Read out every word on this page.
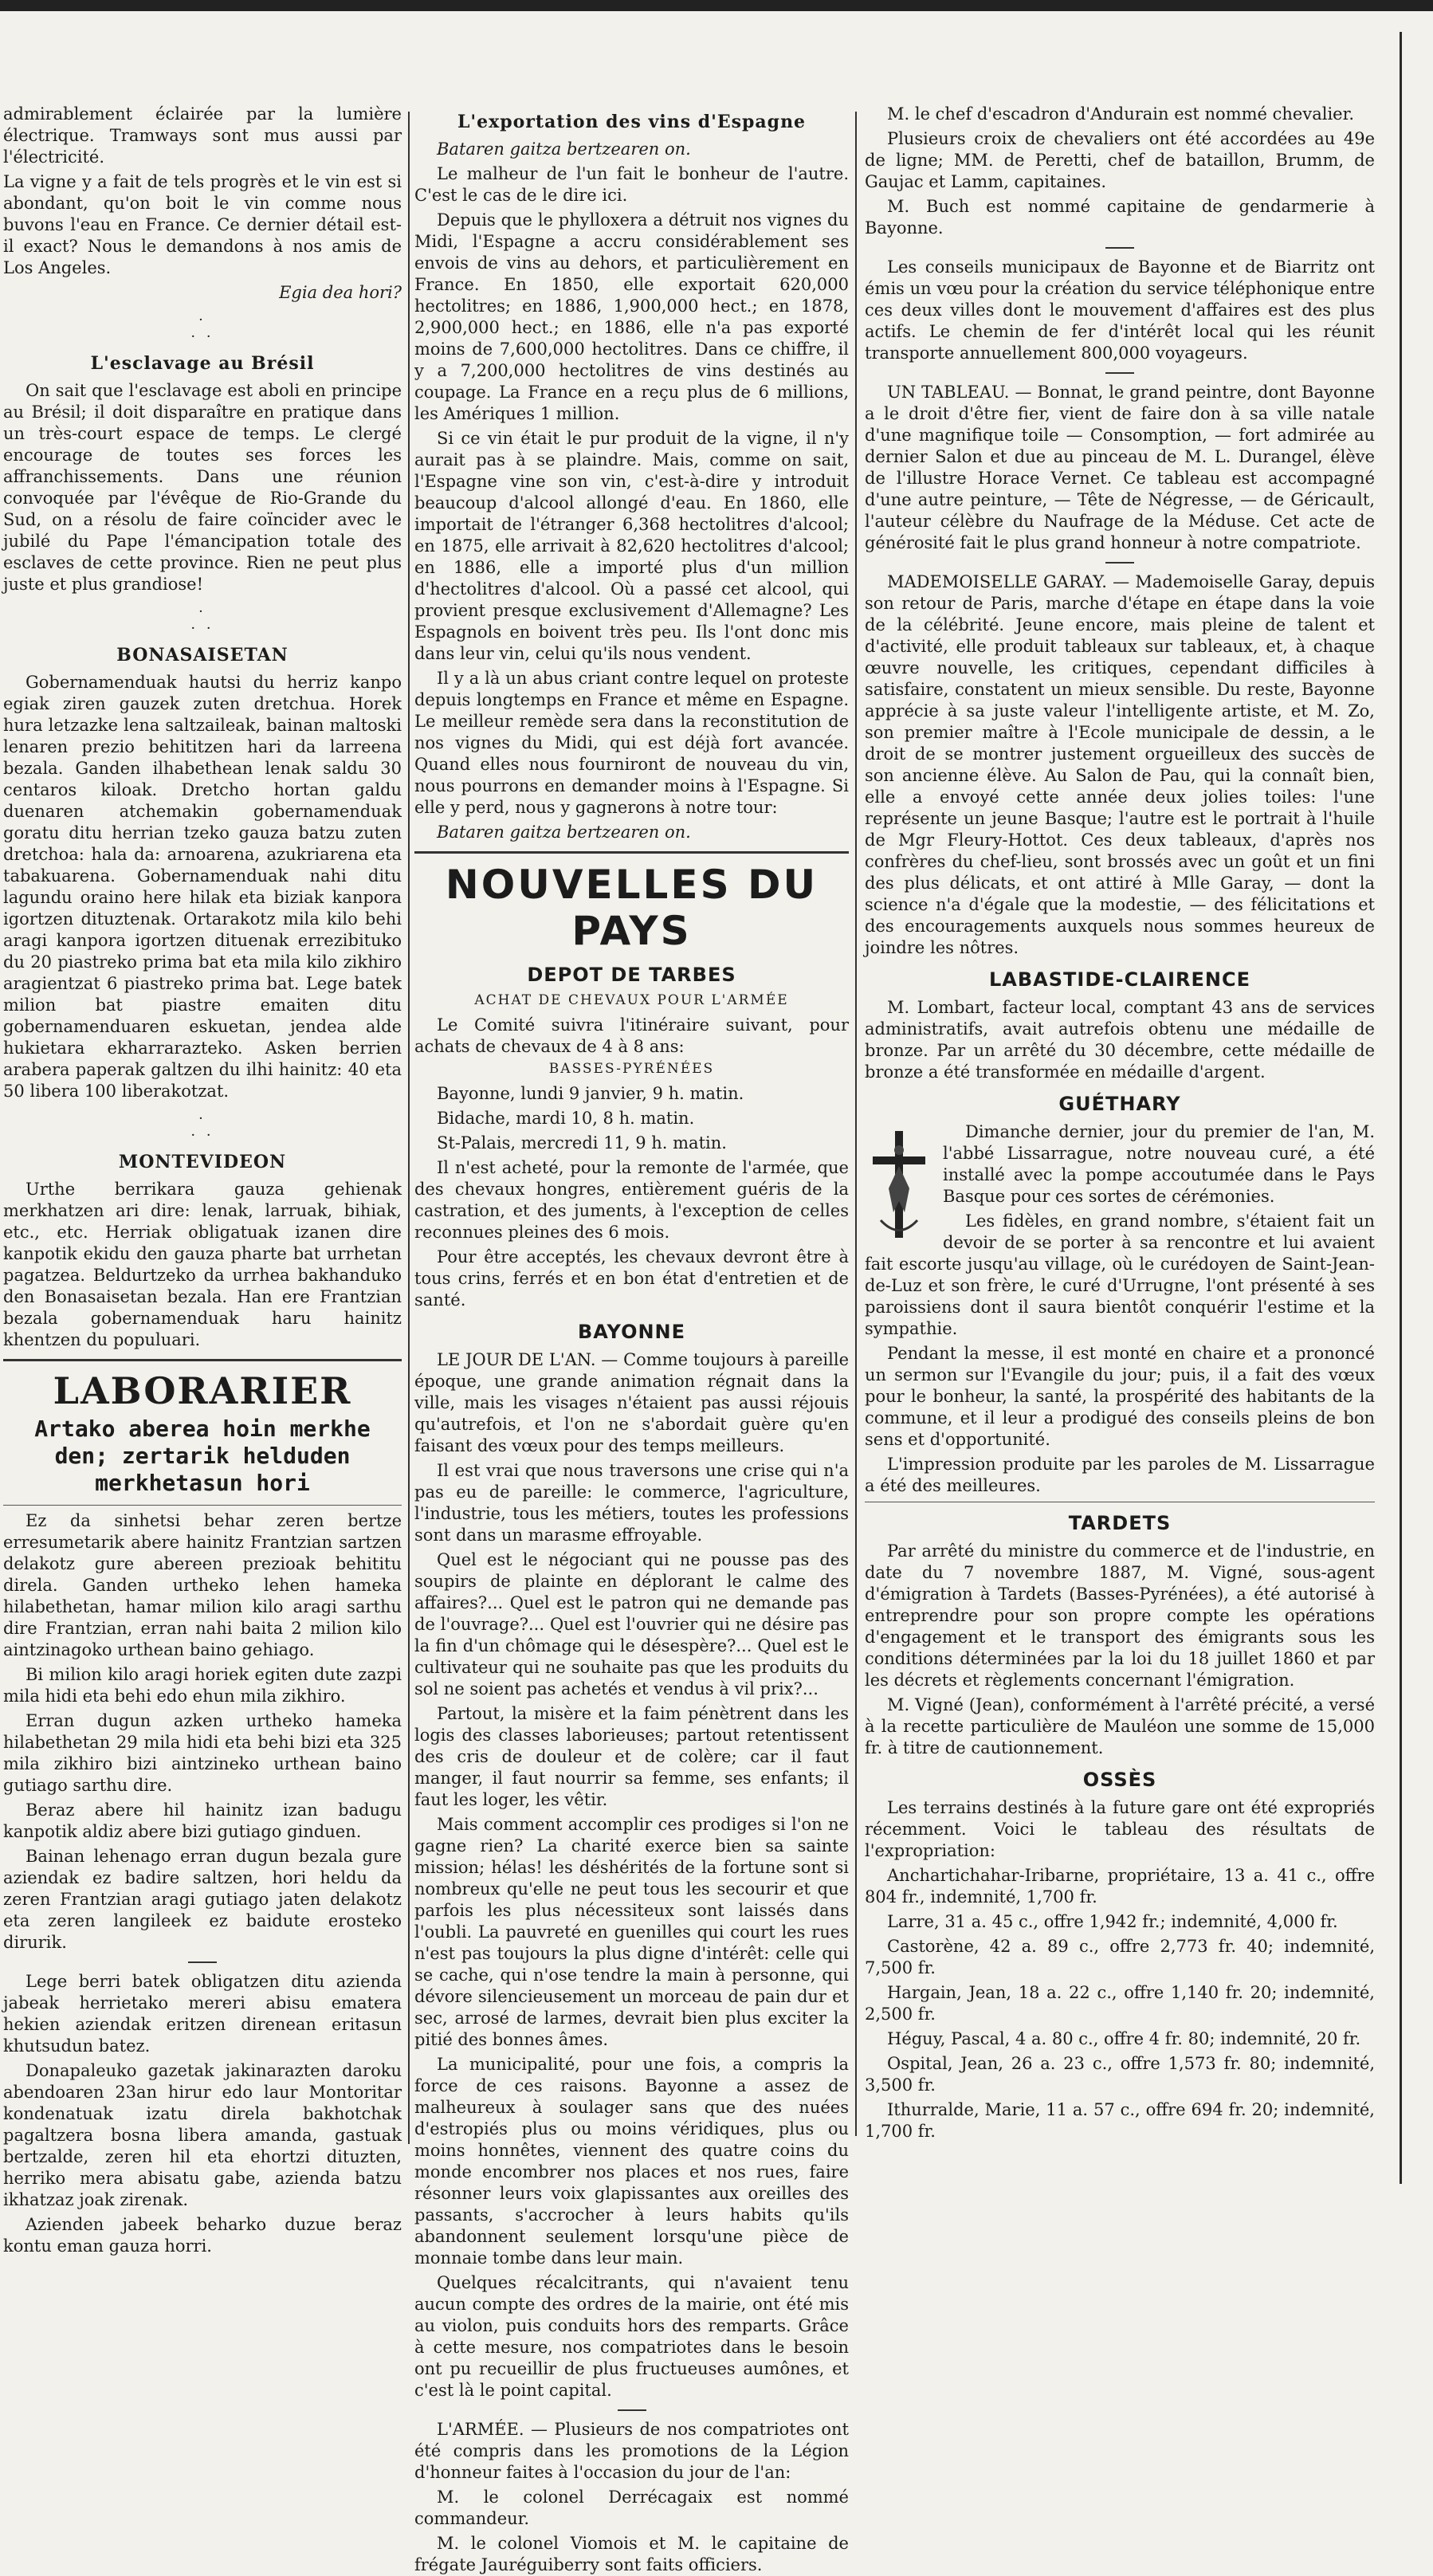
admirablement éclairée par la lumière électrique. Tramways sont mus aussi par l'électricité.

La vigne y a fait de tels progrès et le vin est si abondant, qu'on boit le vin comme nous buvons l'eau en France. Ce dernier détail est-il exact? Nous le demandons à nos amis de Los Angeles.

Egia dea hori?

·
· ·
L'esclavage au Brésil

On sait que l'esclavage est aboli en principe au Brésil; il doit disparaître en pratique dans un très-court espace de temps. Le clergé encourage de toutes ses forces les affranchissements. Dans une réunion convoquée par l'évêque de Rio-Grande du Sud, on a résolu de faire coïncider avec le jubilé du Pape l'émancipation totale des esclaves de cette province. Rien ne peut plus juste et plus grandiose!

·
· ·
BONASAISETAN

Gobernamenduak hautsi du herriz kanpo egiak ziren gauzek zuten dretchua. Horek hura letzazke lena saltzaileak, bainan maltoski lenaren prezio behititzen hari da larreena bezala. Ganden ilhabethean lenak saldu 30 centaros kiloak. Dretcho hortan galdu duenaren atchemakin gobernamenduak goratu ditu herrian tzeko gauza batzu zuten dretchoa: hala da: arnoarena, azukriarena eta tabakuarena. Gobernamenduak nahi ditu lagundu oraino here hilak eta biziak kanpora igortzen dituztenak. Ortarakotz mila kilo behi aragi kanpora igortzen dituenak errezibituko du 20 piastreko prima bat eta mila kilo zikhiro aragientzat 6 piastreko prima bat. Lege batek milion bat piastre emaiten ditu gobernamenduaren eskuetan, jendea alde hukietara ekharrarazteko. Asken berrien arabera paperak galtzen du ilhi hainitz: 40 eta 50 libera 100 liberakotzat.

·
· ·
MONTEVIDEON

Urthe berrikara gauza gehienak merkhatzen ari dire: lenak, larruak, bihiak, etc., etc. Herriak obligatuak izanen dire kanpotik ekidu den gauza pharte bat urrhetan pagatzea. Beldurtzeko da urrhea bakhanduko den Bonasaisetan bezala. Han ere Frantzian bezala gobernamenduak haru hainitz khentzen du populuari.

LABORARIER
Artako aberea hoin merkhe den; zertarik helduden merkhetasun hori

Ez da sinhetsi behar zeren bertze erresumetarik abere hainitz Frantzian sartzen delakotz gure abereen prezioak behititu direla. Ganden urtheko lehen hameka hilabethetan, hamar milion kilo aragi sarthu dire Frantzian, erran nahi baita 2 milion kilo aintzinagoko urthean baino gehiago.

Bi milion kilo aragi horiek egiten dute zazpi mila hidi eta behi edo ehun mila zikhiro.

Erran dugun azken urtheko hameka hilabethetan 29 mila hidi eta behi bizi eta 325 mila zikhiro bizi aintzineko urthean baino gutiago sarthu dire.

Beraz abere hil hainitz izan badugu kanpotik aldiz abere bizi gutiago ginduen.

Bainan lehenago erran dugun bezala gure aziendak ez badire saltzen, hori heldu da zeren Frantzian aragi gutiago jaten delakotz eta zeren langileek ez baidute erosteko dirurik.

Lege berri batek obligatzen ditu azienda jabeak herrietako mereri abisu ematera hekien aziendak eritzen direnean eritasun khutsudun batez.

Donapaleuko gazetak jakinarazten daroku abendoaren 23an hirur edo laur Montoritar kondenatuak izatu direla bakhotchak pagaltzera bosna libera amanda, gastuak bertzalde, zeren hil eta ehortzi dituzten, herriko mera abisatu gabe, azienda batzu ikhatzaz joak zirenak.

Azienden jabeek beharko duzue beraz kontu eman gauza horri.

L'exportation des vins d'Espagne

Bataren gaitza bertzearen on.

Le malheur de l'un fait le bonheur de l'autre. C'est le cas de le dire ici.

Depuis que le phylloxera a détruit nos vignes du Midi, l'Espagne a accru considérablement ses envois de vins au dehors, et particulièrement en France. En 1850, elle exportait 620,000 hectolitres; en 1886, 1,900,000 hect.; en 1878, 2,900,000 hect.; en 1886, elle n'a pas exporté moins de 7,600,000 hectolitres. Dans ce chiffre, il y a 7,200,000 hectolitres de vins destinés au coupage. La France en a reçu plus de 6 millions, les Amériques 1 million.

Si ce vin était le pur produit de la vigne, il n'y aurait pas à se plaindre. Mais, comme on sait, l'Espagne vine son vin, c'est-à-dire y introduit beaucoup d'alcool allongé d'eau. En 1860, elle importait de l'étranger 6,368 hectolitres d'alcool; en 1875, elle arrivait à 82,620 hectolitres d'alcool; en 1886, elle a importé plus d'un million d'hectolitres d'alcool. Où a passé cet alcool, qui provient presque exclusivement d'Allemagne? Les Espagnols en boivent très peu. Ils l'ont donc mis dans leur vin, celui qu'ils nous vendent.

Il y a là un abus criant contre lequel on proteste depuis longtemps en France et même en Espagne. Le meilleur remède sera dans la reconstitution de nos vignes du Midi, qui est déjà fort avancée. Quand elles nous fourniront de nouveau du vin, nous pourrons en demander moins à l'Espagne. Si elle y perd, nous y gagnerons à notre tour:

Bataren gaitza bertzearen on.

NOUVELLES DU PAYS
DEPOT DE TARBES
ACHAT DE CHEVAUX POUR L'ARMÉE

Le Comité suivra l'itinéraire suivant, pour achats de chevaux de 4 à 8 ans:

BASSES-PYRÉNÉES

Bayonne, lundi 9 janvier, 9 h. matin.

Bidache, mardi 10, 8 h. matin.

St-Palais, mercredi 11, 9 h. matin.

Il n'est acheté, pour la remonte de l'armée, que des chevaux hongres, entièrement guéris de la castration, et des juments, à l'exception de celles reconnues pleines des 6 mois.

Pour être acceptés, les chevaux devront être à tous crins, ferrés et en bon état d'entretien et de santé.

BAYONNE

LE JOUR DE L'AN. — Comme toujours à pareille époque, une grande animation régnait dans la ville, mais les visages n'étaient pas aussi réjouis qu'autrefois, et l'on ne s'abordait guère qu'en faisant des vœux pour des temps meilleurs.

Il est vrai que nous traversons une crise qui n'a pas eu de pareille: le commerce, l'agriculture, l'industrie, tous les métiers, toutes les professions sont dans un marasme effroyable.

Quel est le négociant qui ne pousse pas des soupirs de plainte en déplorant le calme des affaires?... Quel est le patron qui ne demande pas de l'ouvrage?... Quel est l'ouvrier qui ne désire pas la fin d'un chômage qui le désespère?... Quel est le cultivateur qui ne souhaite pas que les produits du sol ne soient pas achetés et vendus à vil prix?...

Partout, la misère et la faim pénètrent dans les logis des classes laborieuses; partout retentissent des cris de douleur et de colère; car il faut manger, il faut nourrir sa femme, ses enfants; il faut les loger, les vêtir.

Mais comment accomplir ces prodiges si l'on ne gagne rien? La charité exerce bien sa sainte mission; hélas! les déshérités de la fortune sont si nombreux qu'elle ne peut tous les secourir et que parfois les plus nécessiteux sont laissés dans l'oubli. La pauvreté en guenilles qui court les rues n'est pas toujours la plus digne d'intérêt: celle qui se cache, qui n'ose tendre la main à personne, qui dévore silencieusement un morceau de pain dur et sec, arrosé de larmes, devrait bien plus exciter la pitié des bonnes âmes.

La municipalité, pour une fois, a compris la force de ces raisons. Bayonne a assez de malheureux à soulager sans que des nuées d'estropiés plus ou moins véridiques, plus ou moins honnêtes, viennent des quatre coins du monde encombrer nos places et nos rues, faire résonner leurs voix glapissantes aux oreilles des passants, s'accrocher à leurs habits qu'ils abandonnent seulement lorsqu'une pièce de monnaie tombe dans leur main.

Quelques récalcitrants, qui n'avaient tenu aucun compte des ordres de la mairie, ont été mis au violon, puis conduits hors des remparts. Grâce à cette mesure, nos compatriotes dans le besoin ont pu recueillir de plus fructueuses aumônes, et c'est là le point capital.

L'ARMÉE. — Plusieurs de nos compatriotes ont été compris dans les promotions de la Légion d'honneur faites à l'occasion du jour de l'an:

M. le colonel Derrécagaix est nommé commandeur.

M. le colonel Viomois et M. le capitaine de frégate Jauréguiberry sont faits officiers.

M. le chef d'escadron d'Andurain est nommé chevalier.

Plusieurs croix de chevaliers ont été accordées au 49e de ligne; MM. de Peretti, chef de bataillon, Brumm, de Gaujac et Lamm, capitaines.

M. Buch est nommé capitaine de gendarmerie à Bayonne.

Les conseils municipaux de Bayonne et de Biarritz ont émis un vœu pour la création du service téléphonique entre ces deux villes dont le mouvement d'affaires est des plus actifs. Le chemin de fer d'intérêt local qui les réunit transporte annuellement 800,000 voyageurs.

UN TABLEAU. — Bonnat, le grand peintre, dont Bayonne a le droit d'être fier, vient de faire don à sa ville natale d'une magnifique toile — Consomption, — fort admirée au dernier Salon et due au pinceau de M. L. Durangel, élève de l'illustre Horace Vernet. Ce tableau est accompagné d'une autre peinture, — Tête de Négresse, — de Géricault, l'auteur célèbre du Naufrage de la Méduse. Cet acte de générosité fait le plus grand honneur à notre compatriote.

MADEMOISELLE GARAY. — Mademoiselle Garay, depuis son retour de Paris, marche d'étape en étape dans la voie de la célébrité. Jeune encore, mais pleine de talent et d'activité, elle produit tableaux sur tableaux, et, à chaque œuvre nouvelle, les critiques, cependant difficiles à satisfaire, constatent un mieux sensible. Du reste, Bayonne apprécie à sa juste valeur l'intelligente artiste, et M. Zo, son premier maître à l'Ecole municipale de dessin, a le droit de se montrer justement orgueilleux des succès de son ancienne élève. Au Salon de Pau, qui la connaît bien, elle a envoyé cette année deux jolies toiles: l'une représente un jeune Basque; l'autre est le portrait à l'huile de Mgr Fleury-Hottot. Ces deux tableaux, d'après nos confrères du chef-lieu, sont brossés avec un goût et un fini des plus délicats, et ont attiré à Mlle Garay, — dont la science n'a d'égale que la modestie, — des félicitations et des encouragements auxquels nous sommes heureux de joindre les nôtres.

LABASTIDE-CLAIRENCE

M. Lombart, facteur local, comptant 43 ans de services administratifs, avait autrefois obtenu une médaille de bronze. Par un arrêté du 30 décembre, cette médaille de bronze a été transformée en médaille d'argent.

GUÉTHARY

Dimanche dernier, jour du premier de l'an, M. l'abbé Lissarrague, notre nouveau curé, a été installé avec la pompe accoutumée dans le Pays Basque pour ces sortes de cérémonies.

Les fidèles, en grand nombre, s'étaient fait un devoir de se porter à sa rencontre et lui avaient fait escorte jusqu'au village, où le curédoyen de Saint-Jean-de-Luz et son frère, le curé d'Urrugne, l'ont présenté à ses paroissiens dont il saura bientôt conquérir l'estime et la sympathie.

Pendant la messe, il est monté en chaire et a prononcé un sermon sur l'Evangile du jour; puis, il a fait des vœux pour le bonheur, la santé, la prospérité des habitants de la commune, et il leur a prodigué des conseils pleins de bon sens et d'opportunité.

L'impression produite par les paroles de M. Lissarrague a été des meilleures.

TARDETS

Par arrêté du ministre du commerce et de l'industrie, en date du 7 novembre 1887, M. Vigné, sous-agent d'émigration à Tardets (Basses-Pyrénées), a été autorisé à entreprendre pour son propre compte les opérations d'engagement et le transport des émigrants sous les conditions déterminées par la loi du 18 juillet 1860 et par les décrets et règlements concernant l'émigration.

M. Vigné (Jean), conformément à l'arrêté précité, a versé à la recette particulière de Mauléon une somme de 15,000 fr. à titre de cautionnement.

OSSÈS

Les terrains destinés à la future gare ont été expropriés récemment. Voici le tableau des résultats de l'expropriation:

Anchartichahar-Iribarne, propriétaire, 13 a. 41 c., offre 804 fr., indemnité, 1,700 fr.

Larre, 31 a. 45 c., offre 1,942 fr.; indemnité, 4,000 fr.

Castorène, 42 a. 89 c., offre 2,773 fr. 40; indemnité, 7,500 fr.

Hargain, Jean, 18 a. 22 c., offre 1,140 fr. 20; indemnité, 2,500 fr.

Héguy, Pascal, 4 a. 80 c., offre 4 fr. 80; indemnité, 20 fr.

Ospital, Jean, 26 a. 23 c., offre 1,573 fr. 80; indemnité, 3,500 fr.

Ithurralde, Marie, 11 a. 57 c., offre 694 fr. 20; indemnité, 1,700 fr.
